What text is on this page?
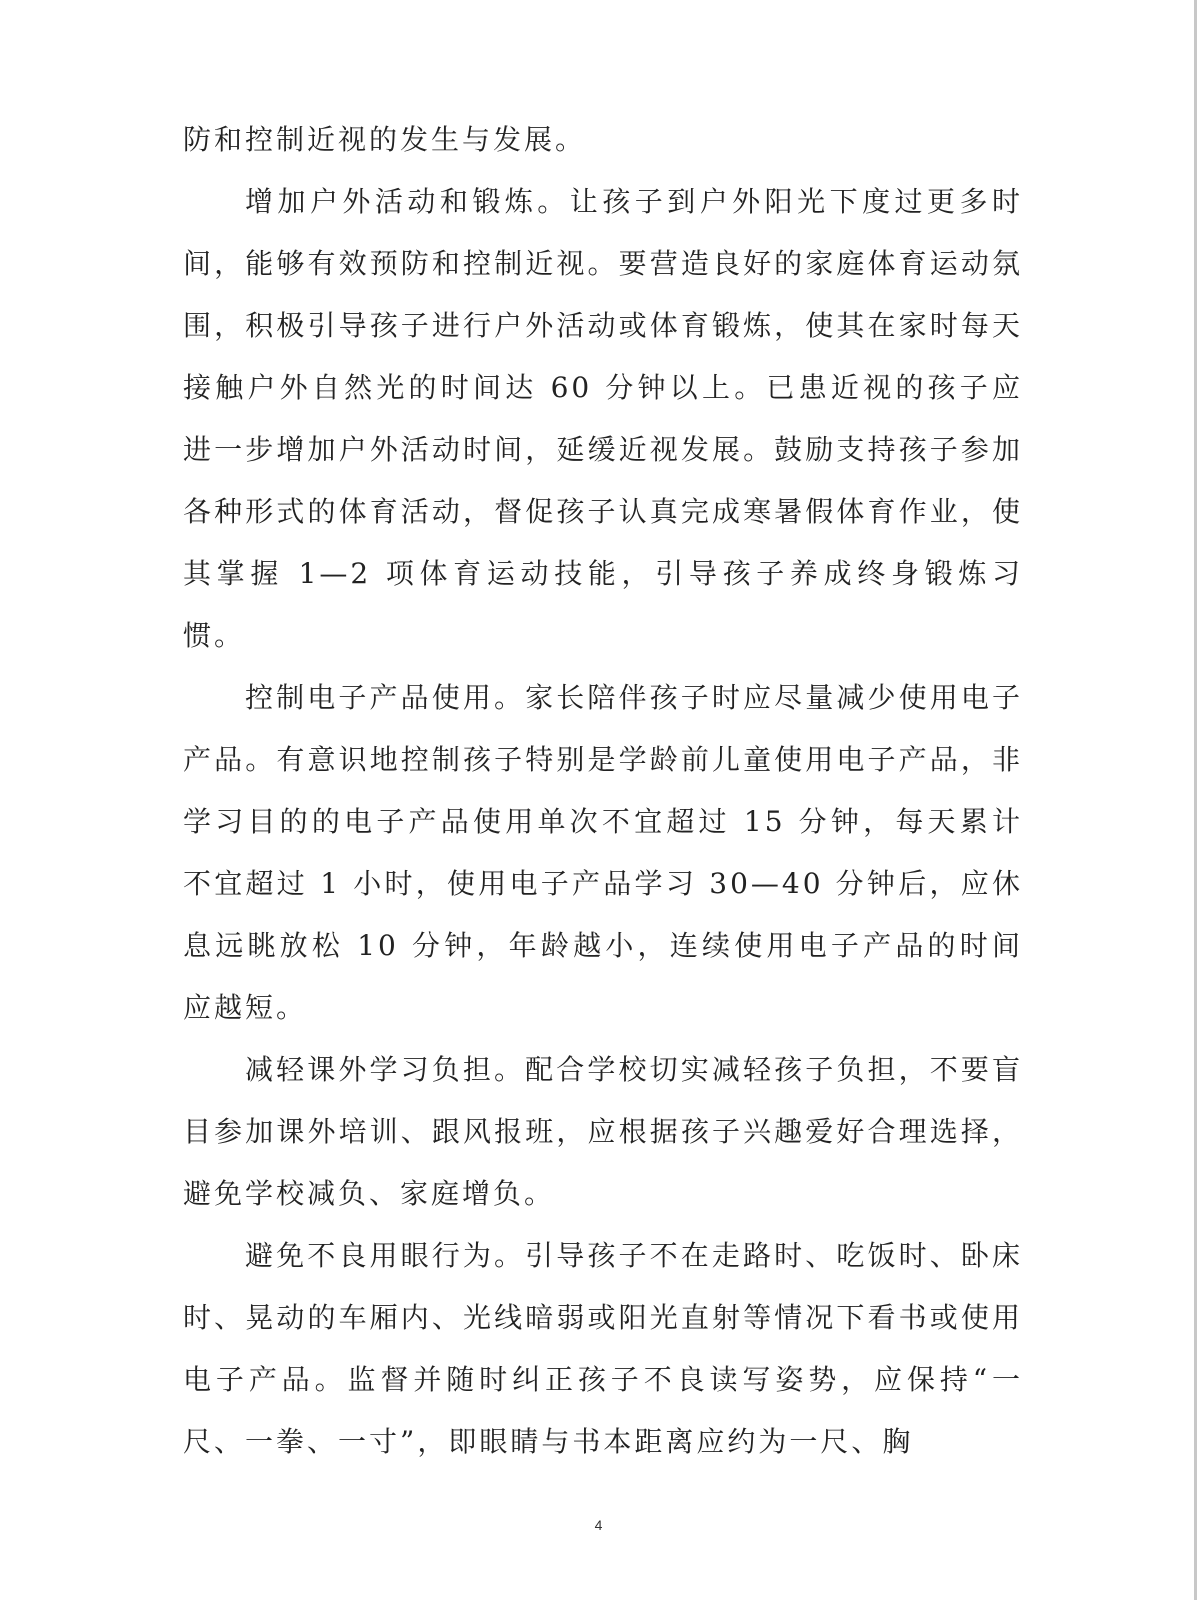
防和控制近视的发生与发展。

增加户外活动和锻炼。让孩子到户外阳光下度过更多时间，能够有效预防和控制近视。要营造良好的家庭体育运动氛围，积极引导孩子进行户外活动或体育锻炼，使其在家时每天接触户外自然光的时间达 60 分钟以上。已患近视的孩子应进一步增加户外活动时间，延缓近视发展。鼓励支持孩子参加各种形式的体育活动，督促孩子认真完成寒暑假体育作业，使其掌握 1—2 项体育运动技能，引导孩子养成终身锻炼习惯。

控制电子产品使用。家长陪伴孩子时应尽量减少使用电子产品。有意识地控制孩子特别是学龄前儿童使用电子产品，非学习目的的电子产品使用单次不宜超过 15 分钟，每天累计不宜超过 1 小时，使用电子产品学习 30—40 分钟后，应休息远眺放松 10 分钟，年龄越小，连续使用电子产品的时间应越短。

减轻课外学习负担。配合学校切实减轻孩子负担，不要盲目参加课外培训、跟风报班，应根据孩子兴趣爱好合理选择，避免学校减负、家庭增负。

避免不良用眼行为。引导孩子不在走路时、吃饭时、卧床时、晃动的车厢内、光线暗弱或阳光直射等情况下看书或使用电子产品。监督并随时纠正孩子不良读写姿势，应保持“一尺、一拳、一寸”，即眼睛与书本距离应约为一尺、胸

4
